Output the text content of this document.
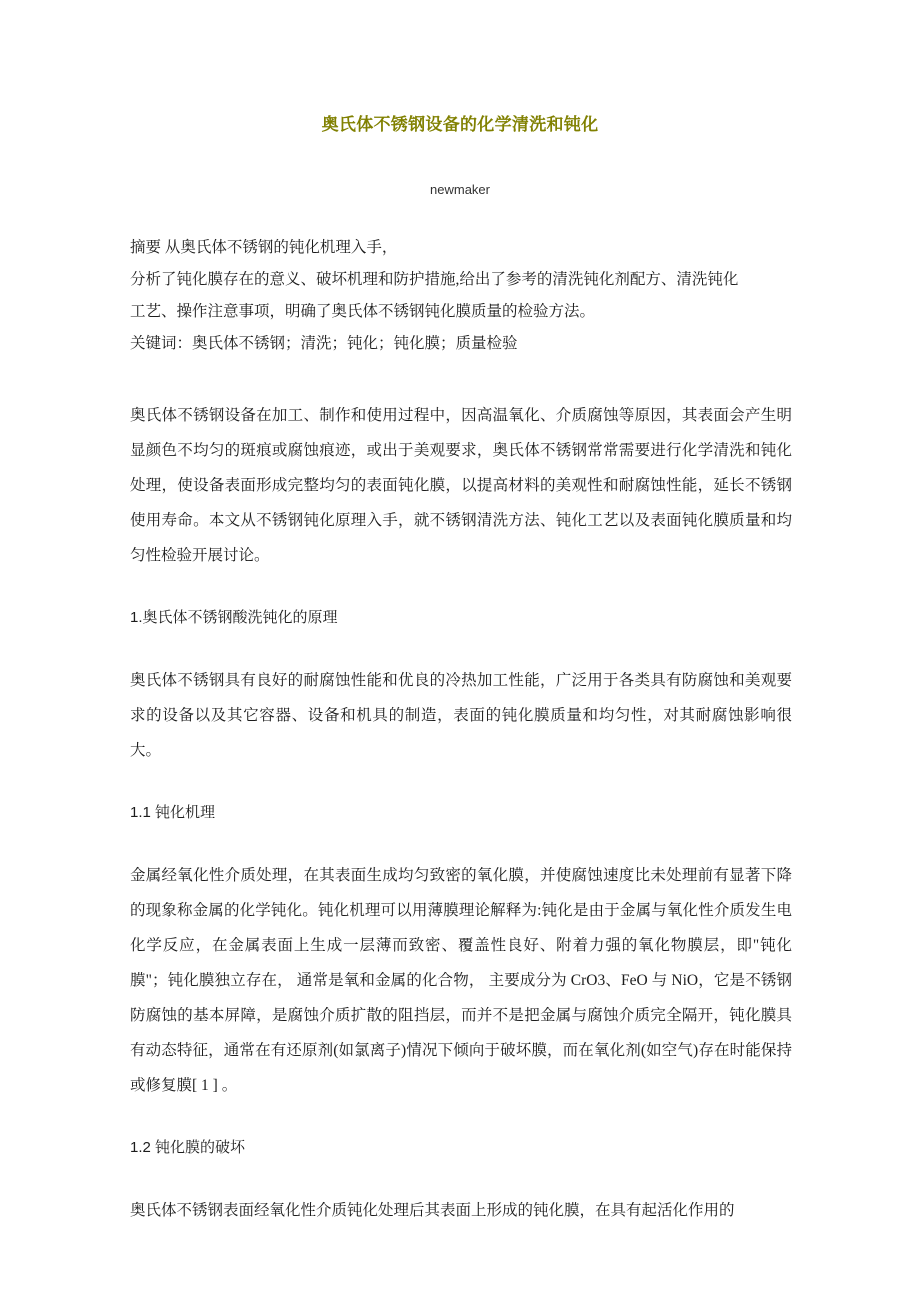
奥氏体不锈钢设备的化学清洗和钝化
newmaker
摘要 从奥氏体不锈钢的钝化机理入手，
分析了钝化膜存在的意义、破坏机理和防护措施,给出了参考的清洗钝化剂配方、清洗钝化
工艺、操作注意事项，明确了奥氏体不锈钢钝化膜质量的检验方法。
关键词：奥氏体不锈钢；清洗；钝化；钝化膜；质量检验

奥氏体不锈钢设备在加工、制作和使用过程中，因高温氧化、介质腐蚀等原因，其表面会产生明显颜色不均匀的斑痕或腐蚀痕迹，或出于美观要求，奥氏体不锈钢常常需要进行化学清洗和钝化处理，使设备表面形成完整均匀的表面钝化膜，以提高材料的美观性和耐腐蚀性能，延长不锈钢使用寿命。本文从不锈钢钝化原理入手，就不锈钢清洗方法、钝化工艺以及表面钝化膜质量和均匀性检验开展讨论。

1.奥氏体不锈钢酸洗钝化的原理

奥氏体不锈钢具有良好的耐腐蚀性能和优良的冷热加工性能，广泛用于各类具有防腐蚀和美观要求的设备以及其它容器、设备和机具的制造，表面的钝化膜质量和均匀性，对其耐腐蚀影响很大。

1.1 钝化机理

金属经氧化性介质处理，在其表面生成均匀致密的氧化膜，并使腐蚀速度比未处理前有显著下降的现象称金属的化学钝化。钝化机理可以用薄膜理论解释为:钝化是由于金属与氧化性介质发生电化学反应，在金属表面上生成一层薄而致密、覆盖性良好、附着力强的氧化物膜层，即"钝化膜"；钝化膜独立存在， 通常是氧和金属的化合物， 主要成分为 CrO3、FeO 与 NiO，它是不锈钢防腐蚀的基本屏障，是腐蚀介质扩散的阻挡层，而并不是把金属与腐蚀介质完全隔开，钝化膜具有动态特征，通常在有还原剂(如氯离子)情况下倾向于破坏膜，而在氧化剂(如空气)存在时能保持或修复膜[ 1 ] 。

1.2 钝化膜的破坏

奥氏体不锈钢表面经氧化性介质钝化处理后其表面上形成的钝化膜，在具有起活化作用的
